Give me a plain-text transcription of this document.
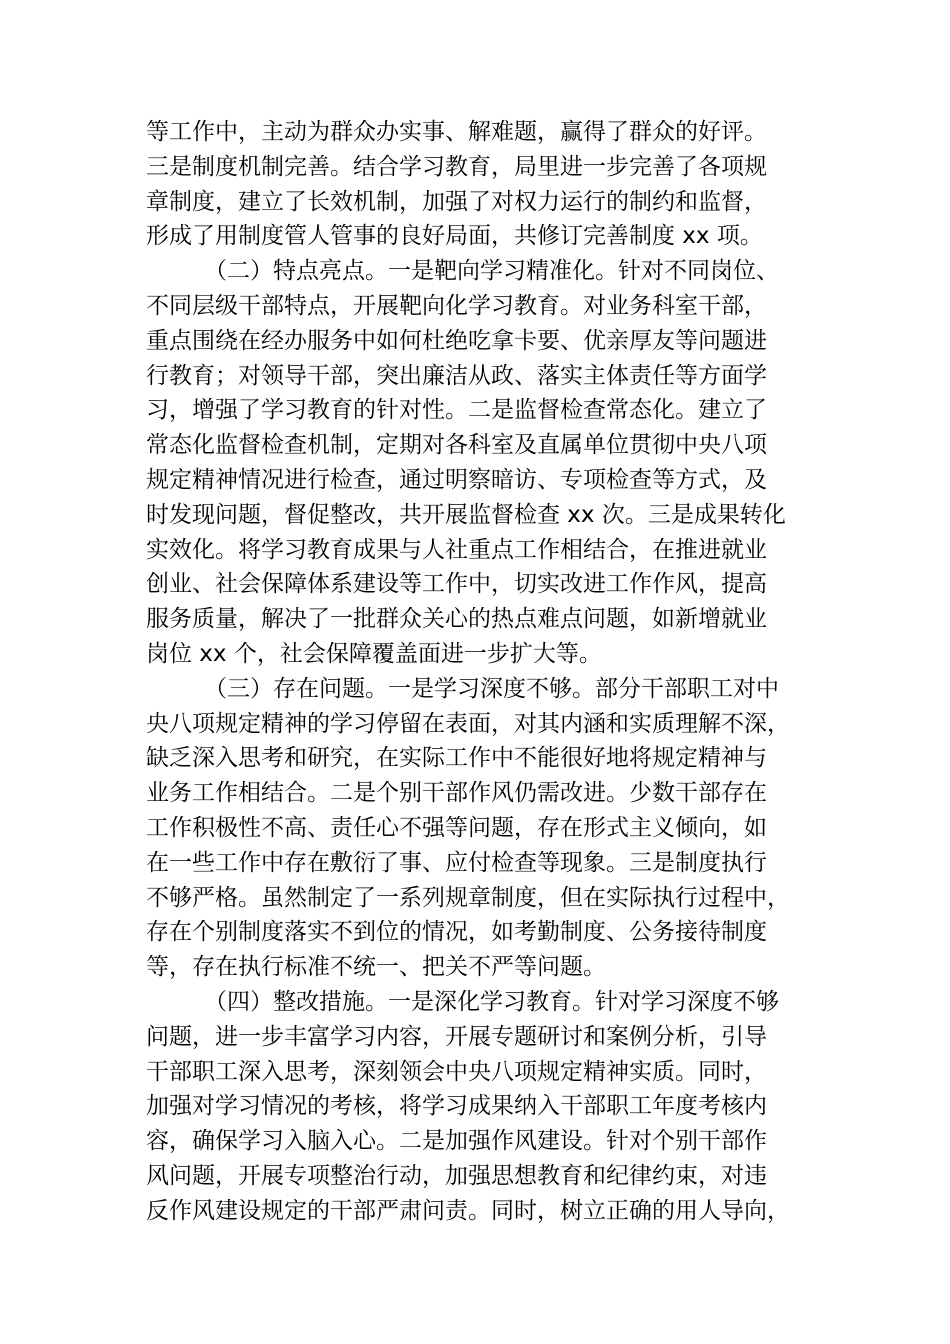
等工作中，主动为群众办实事、解难题，赢得了群众的好评。
三是制度机制完善。结合学习教育，局里进一步完善了各项规
章制度，建立了长效机制，加强了对权力运行的制约和监督，
形成了用制度管人管事的良好局面，共修订完善制度 xx 项。
（二）特点亮点。一是靶向学习精准化。针对不同岗位、
不同层级干部特点，开展靶向化学习教育。对业务科室干部，
重点围绕在经办服务中如何杜绝吃拿卡要、优亲厚友等问题进
行教育；对领导干部，突出廉洁从政、落实主体责任等方面学
习，增强了学习教育的针对性。二是监督检查常态化。建立了
常态化监督检查机制，定期对各科室及直属单位贯彻中央八项
规定精神情况进行检查，通过明察暗访、专项检查等方式，及
时发现问题，督促整改，共开展监督检查 xx 次。三是成果转化
实效化。将学习教育成果与人社重点工作相结合，在推进就业
创业、社会保障体系建设等工作中，切实改进工作作风，提高
服务质量，解决了一批群众关心的热点难点问题，如新增就业
岗位 xx 个，社会保障覆盖面进一步扩大等。
（三）存在问题。一是学习深度不够。部分干部职工对中
央八项规定精神的学习停留在表面，对其内涵和实质理解不深，
缺乏深入思考和研究，在实际工作中不能很好地将规定精神与
业务工作相结合。二是个别干部作风仍需改进。少数干部存在
工作积极性不高、责任心不强等问题，存在形式主义倾向，如
在一些工作中存在敷衍了事、应付检查等现象。三是制度执行
不够严格。虽然制定了一系列规章制度，但在实际执行过程中，
存在个别制度落实不到位的情况，如考勤制度、公务接待制度
等，存在执行标准不统一、把关不严等问题。
（四）整改措施。一是深化学习教育。针对学习深度不够
问题，进一步丰富学习内容，开展专题研讨和案例分析，引导
干部职工深入思考，深刻领会中央八项规定精神实质。同时，
加强对学习情况的考核，将学习成果纳入干部职工年度考核内
容，确保学习入脑入心。二是加强作风建设。针对个别干部作
风问题，开展专项整治行动，加强思想教育和纪律约束，对违
反作风建设规定的干部严肃问责。同时，树立正确的用人导向，
